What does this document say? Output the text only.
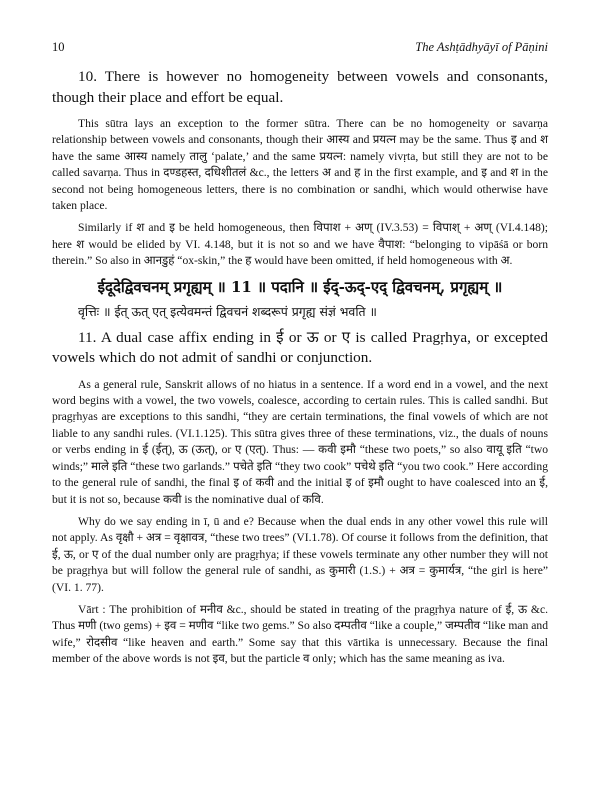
10	The Ashṭādhyāyī of Pāṇini

10. There is however no homogeneity between vowels and consonants, though their place and effort be equal.

This sūtra lays an exception to the former sūtra. There can be no homogeneity or savarṇa relationship between vowels and consonants, though their आस्य and प्रयत्न may be the same. Thus इ and श have the same आस्य namely तालु ‘palate,’ and the same प्रयत्न: namely vivṛta, but still they are not to be called savarṇa. Thus in दण्डहस्त, दधिशीतलं &c., the letters अ and ह in the first example, and इ and श in the second not being homogeneous letters, there is no combination or sandhi, which would otherwise have taken place.

Similarly if श and इ be held homogeneous, then विपाश + अण् (IV.3.53) = विपाश् + अण् (VI.4.148); here श would be elided by VI. 4.148, but it is not so and we have वैपाश: “belonging to vipāśā or born therein.” So also in आनडुहं “ox-skin,” the ह would have been omitted, if held homogeneous with अ.

ईदूदेद्विवचनम् प्रगृह्यम् ॥ 11 ॥ पदानि ॥ ईद्-ऊद्-एद् द्विवचनम्, प्रगृह्यम् ॥

वृत्तिः ॥ ईत् ऊत् एत् इत्येवमन्तं द्विवचनं शब्दरूपं प्रगृह्य संज्ञं भवति ॥

11. A dual case affix ending in ई or ऊ or ए is called Pragṛhya, or excepted vowels which do not admit of sandhi or conjunction.

As a general rule, Sanskrit allows of no hiatus in a sentence. If a word end in a vowel, and the next word begins with a vowel, the two vowels, coalesce, according to certain rules. This is called sandhi. But pragṛhyas are exceptions to this sandhi, “they are certain terminations, the final vowels of which are not liable to any sandhi rules. (VI.1.125). This sūtra gives three of these terminations, viz., the duals of nouns or verbs ending in ई (ईत्), ऊ (ऊत्), or ए (एत्). Thus: — कवी इमौ “these two poets,” so also वायू इति “two winds;” माले इति “these two garlands.” पचेते इति “they two cook” पचेथे इति “you two cook.” Here according to the general rule of sandhi, the final इ of कवी and the initial इ of इमौ ought to have coalesced into an ई, but it is not so, because कवी is the nominative dual of कवि.

Why do we say ending in ī, ū and e? Because when the dual ends in any other vowel this rule will not apply. As वृक्षौ + अत्र = वृक्षावत्र, “these two trees” (VI.1.78). Of course it follows from the definition, that ई, ऊ, or ए of the dual number only are pragṛhya; if these vowels terminate any other number they will not be pragṛhya but will follow the general rule of sandhi, as कुमारी (1.S.) + अत्र = कुमार्यत्र, “the girl is here” (VI. 1. 77).

Vārt : The prohibition of मनीव &c., should be stated in treating of the pragṛhya nature of ई, ऊ &c. Thus मणी (two gems) + इव = मणीव “like two gems.” So also दम्पतीव “like a couple,” जम्पतीव “like man and wife,” रोदसीव “like heaven and earth.” Some say that this vārtika is unnecessary. Because the final member of the above words is not इव, but the particle व only; which has the same meaning as iva.
